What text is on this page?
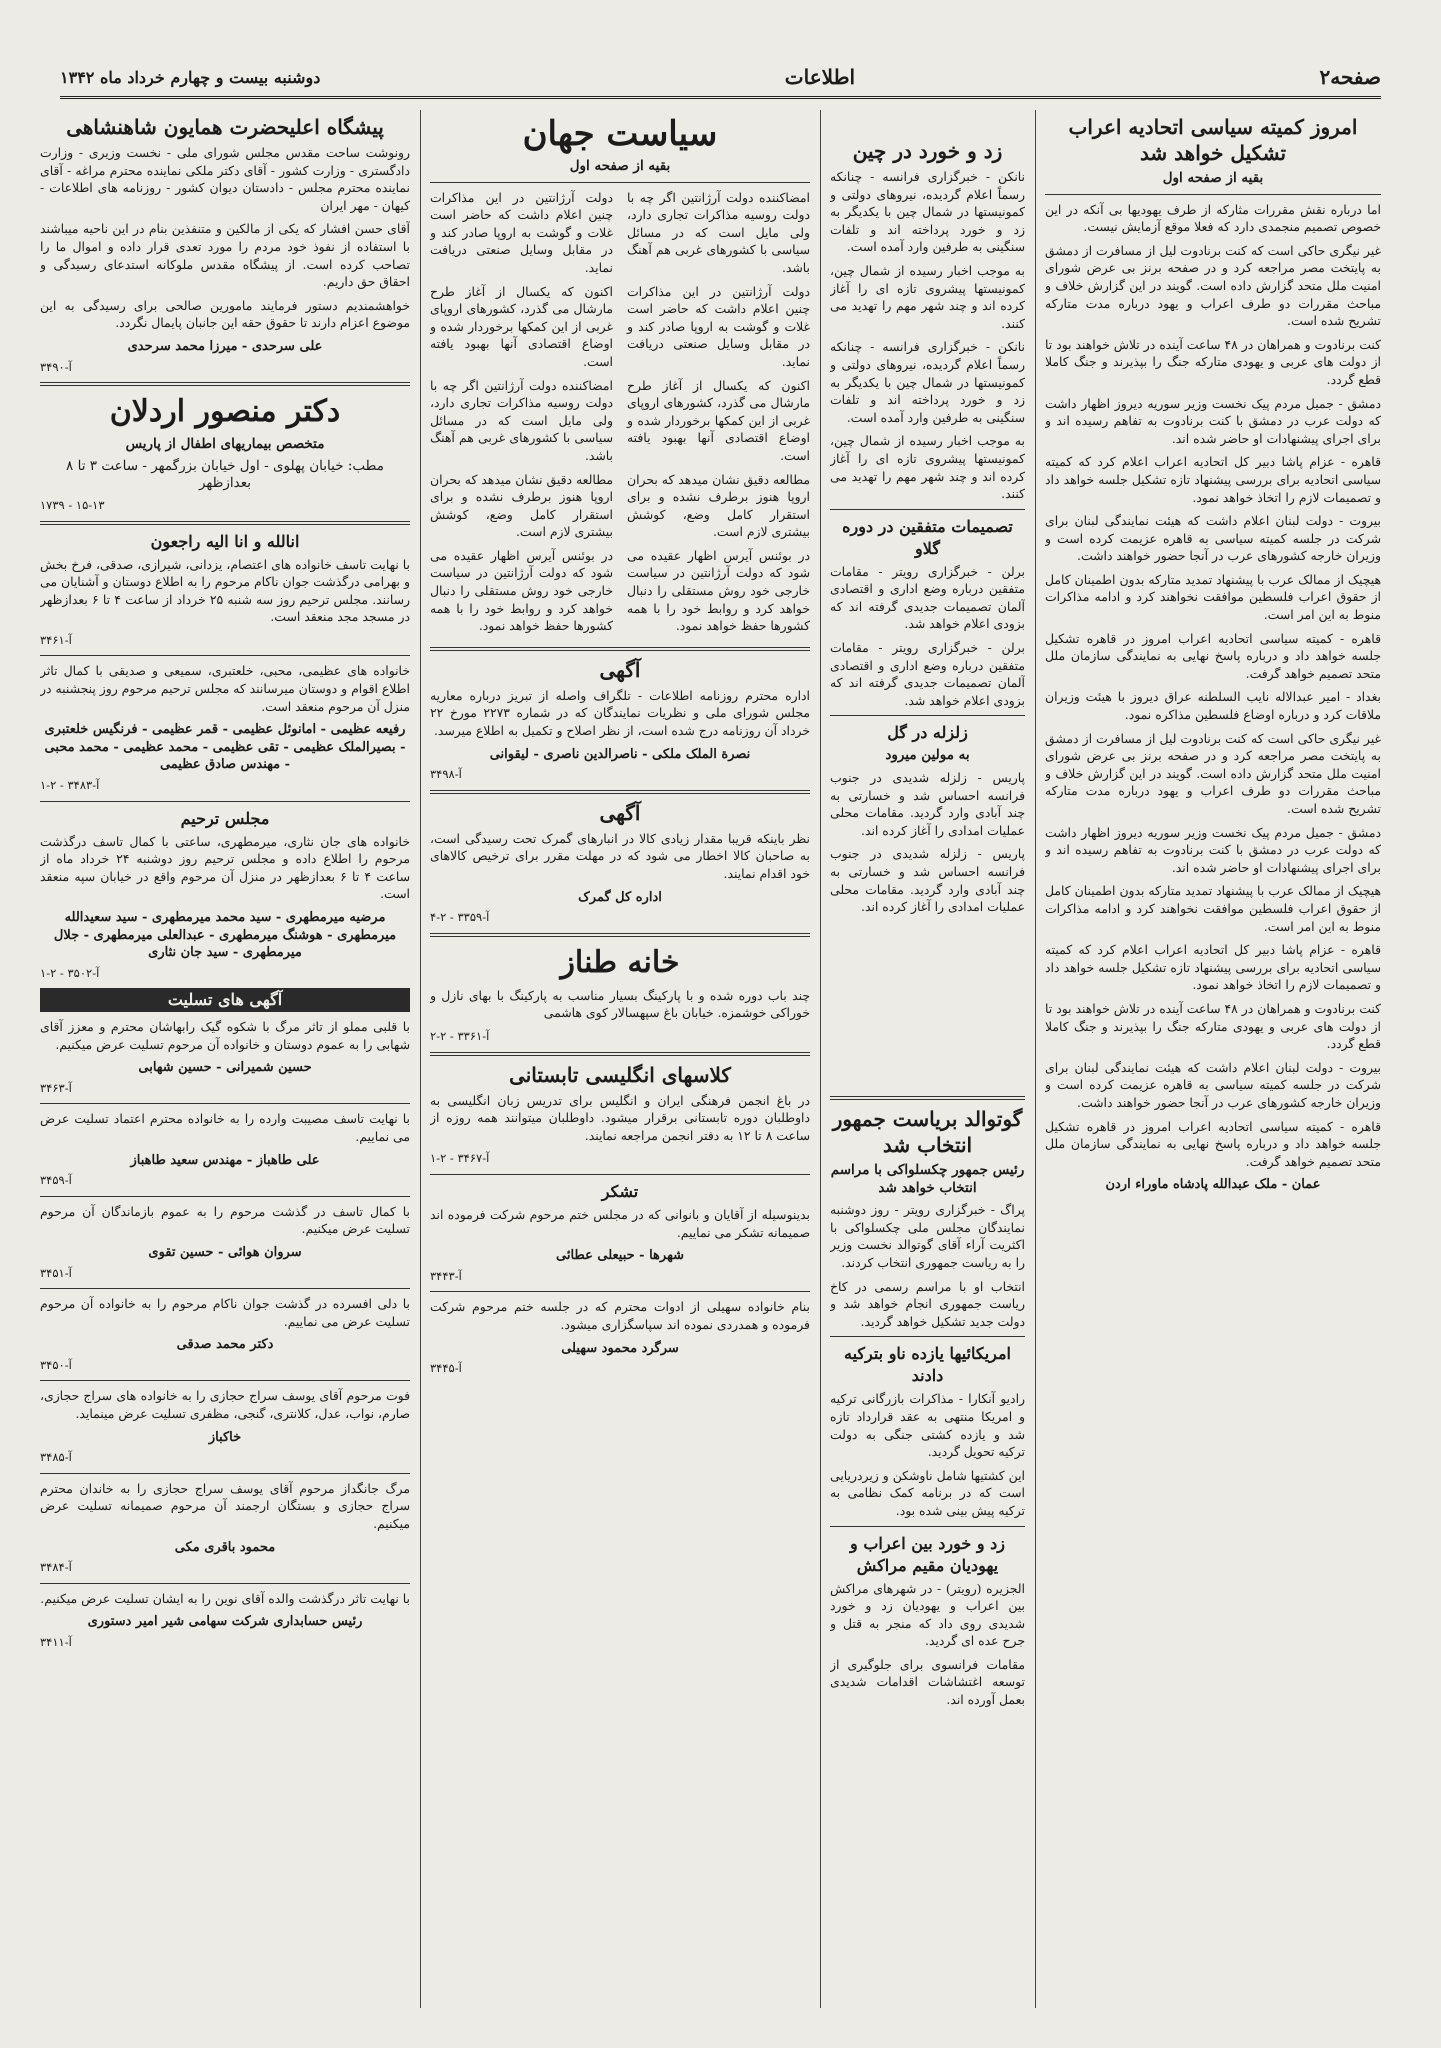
صفحه۲
اطلاعات
دوشنبه بیست و چهارم خرداد ماه ۱۳۴۲
امروز کمیته سیاسی اتحادیه اعراب تشکیل خواهد شد
بقیه از صفحه اول

اما درباره نقش مقررات مثارکه از طرف یهودیها بی آنکه در این خصوص تصمیم منجمدی دارد که فعلا موقع آزمایش نیست.

غیر نیگری حاکی است که کنت برنادوت لیل از مسافرت از دمشق به پایتخت مصر مراجعه کرد و در صفحه برنز بی عرض شورای امنیت ملل متحد گزارش داده است. گویند در این گزارش خلاف و مباحث مقررات دو طرف اعراب و یهود درباره مدت متارکه تشریح شده است.

کنت برنادوت و همراهان در ۴۸ ساعت آینده در تلاش خواهند بود تا از دولت های عربی و یهودی متارکه جنگ را بپذیرند و جنگ کاملا قطع گردد.

دمشق - جمیل مردم پیک نخست وزیر سوریه دیروز اظهار داشت که دولت عرب در دمشق با کنت برنادوت به تفاهم رسیده اند و برای اجرای پیشنهادات او حاضر شده اند.

قاهره - عزام پاشا دبیر کل اتحادیه اعراب اعلام کرد که کمیته سیاسی اتحادیه برای بررسی پیشنهاد تازه تشکیل جلسه خواهد داد و تصمیمات لازم را اتخاذ خواهد نمود.

بیروت - دولت لبنان اعلام داشت که هیئت نمایندگی لبنان برای شرکت در جلسه کمیته سیاسی به قاهره عزیمت کرده است و وزیران خارجه کشورهای عرب در آنجا حضور خواهند داشت.

هیچیک از ممالک عرب با پیشنهاد تمدید متارکه بدون اطمینان کامل از حقوق اعراب فلسطین موافقت نخواهند کرد و ادامه مذاکرات منوط به این امر است.

قاهره - کمیته سیاسی اتحادیه اعراب امروز در قاهره تشکیل جلسه خواهد داد و درباره پاسخ نهایی به نمایندگی سازمان ملل متحد تصمیم خواهد گرفت.

بغداد - امیر عبدالاله نایب السلطنه عراق دیروز با هیئت وزیران ملاقات کرد و درباره اوضاع فلسطین مذاکره نمود.

غیر نیگری حاکی است که کنت برنادوت لیل از مسافرت از دمشق به پایتخت مصر مراجعه کرد و در صفحه برنز بی عرض شورای امنیت ملل متحد گزارش داده است. گویند در این گزارش خلاف و مباحث مقررات دو طرف اعراب و یهود درباره مدت متارکه تشریح شده است.

دمشق - جمیل مردم پیک نخست وزیر سوریه دیروز اظهار داشت که دولت عرب در دمشق با کنت برنادوت به تفاهم رسیده اند و برای اجرای پیشنهادات او حاضر شده اند.

هیچیک از ممالک عرب با پیشنهاد تمدید متارکه بدون اطمینان کامل از حقوق اعراب فلسطین موافقت نخواهند کرد و ادامه مذاکرات منوط به این امر است.

قاهره - عزام پاشا دبیر کل اتحادیه اعراب اعلام کرد که کمیته سیاسی اتحادیه برای بررسی پیشنهاد تازه تشکیل جلسه خواهد داد و تصمیمات لازم را اتخاذ خواهد نمود.

کنت برنادوت و همراهان در ۴۸ ساعت آینده در تلاش خواهند بود تا از دولت های عربی و یهودی متارکه جنگ را بپذیرند و جنگ کاملا قطع گردد.

بیروت - دولت لبنان اعلام داشت که هیئت نمایندگی لبنان برای شرکت در جلسه کمیته سیاسی به قاهره عزیمت کرده است و وزیران خارجه کشورهای عرب در آنجا حضور خواهند داشت.

قاهره - کمیته سیاسی اتحادیه اعراب امروز در قاهره تشکیل جلسه خواهد داد و درباره پاسخ نهایی به نمایندگی سازمان ملل متحد تصمیم خواهد گرفت.

عمان - ملک عبدالله پادشاه ماوراء اردن
زد و خورد در چین

نانکن - خبرگزاری فرانسه - چنانکه رسماً اعلام گردیده، نیروهای دولتی و کمونیستها در شمال چین با یکدیگر به زد و خورد پرداخته اند و تلفات سنگینی به طرفین وارد آمده است.

به موجب اخبار رسیده از شمال چین، کمونیستها پیشروی تازه ای را آغاز کرده اند و چند شهر مهم را تهدید می کنند.

نانکن - خبرگزاری فرانسه - چنانکه رسماً اعلام گردیده، نیروهای دولتی و کمونیستها در شمال چین با یکدیگر به زد و خورد پرداخته اند و تلفات سنگینی به طرفین وارد آمده است.

به موجب اخبار رسیده از شمال چین، کمونیستها پیشروی تازه ای را آغاز کرده اند و چند شهر مهم را تهدید می کنند.

تصمیمات متفقین در دوره گلاو

برلن - خبرگزاری رویتر - مقامات متفقین درباره وضع اداری و اقتصادی آلمان تصمیمات جدیدی گرفته اند که بزودی اعلام خواهد شد.

برلن - خبرگزاری رویتر - مقامات متفقین درباره وضع اداری و اقتصادی آلمان تصمیمات جدیدی گرفته اند که بزودی اعلام خواهد شد.

زلزله در گل
به مولین میرود

پاریس - زلزله شدیدی در جنوب فرانسه احساس شد و خسارتی به چند آبادی وارد گردید. مقامات محلی عملیات امدادی را آغاز کرده اند.

پاریس - زلزله شدیدی در جنوب فرانسه احساس شد و خسارتی به چند آبادی وارد گردید. مقامات محلی عملیات امدادی را آغاز کرده اند.

گوتوالد بریاست جمهور انتخاب شد
رئیس جمهور چکسلواکی با مراسم انتخاب خواهد شد

پراگ - خبرگزاری رویتر - روز دوشنبه نمایندگان مجلس ملی چکسلواکی با اکثریت آراء آقای گوتوالد نخست وزیر را به ریاست جمهوری انتخاب کردند.

انتخاب او با مراسم رسمی در کاخ ریاست جمهوری انجام خواهد شد و دولت جدید تشکیل خواهد گردید.

امریکائیها یازده ناو بترکیه دادند

رادیو آنکارا - مذاکرات بازرگانی ترکیه و امریکا منتهی به عقد قرارداد تازه شد و یازده کشتی جنگی به دولت ترکیه تحویل گردید.

این کشتیها شامل ناوشکن و زیردریایی است که در برنامه کمک نظامی به ترکیه پیش بینی شده بود.

زد و خورد بین اعراب و یهودیان مقیم مراکش

الجزیره (رویتر) - در شهرهای مراکش بین اعراب و یهودیان زد و خورد شدیدی روی داد که منجر به قتل و جرح عده ای گردید.

مقامات فرانسوی برای جلوگیری از توسعه اغتشاشات اقدامات شدیدی بعمل آورده اند.

سیاست جهان
بقیه از صفحه اول

امضاکننده دولت آرژانتین اگر چه با دولت روسیه مذاکرات تجاری دارد، ولی مایل است که در مسائل سیاسی با کشورهای غربی هم آهنگ باشد.

دولت آرژانتین در این مذاکرات چنین اعلام داشت که حاضر است غلات و گوشت به اروپا صادر کند و در مقابل وسایل صنعتی دریافت نماید.

اکنون که یکسال از آغاز طرح مارشال می گذرد، کشورهای اروپای غربی از این کمکها برخوردار شده و اوضاع اقتصادی آنها بهبود یافته است.

مطالعه دقیق نشان میدهد که بحران اروپا هنوز برطرف نشده و برای استقرار کامل وضع، کوشش بیشتری لازم است.

در بوئنس آیرس اظهار عقیده می شود که دولت آرژانتین در سیاست خارجی خود روش مستقلی را دنبال خواهد کرد و روابط خود را با همه کشورها حفظ خواهد نمود.

دولت آرژانتین در این مذاکرات چنین اعلام داشت که حاضر است غلات و گوشت به اروپا صادر کند و در مقابل وسایل صنعتی دریافت نماید.

اکنون که یکسال از آغاز طرح مارشال می گذرد، کشورهای اروپای غربی از این کمکها برخوردار شده و اوضاع اقتصادی آنها بهبود یافته است.

امضاکننده دولت آرژانتین اگر چه با دولت روسیه مذاکرات تجاری دارد، ولی مایل است که در مسائل سیاسی با کشورهای غربی هم آهنگ باشد.

مطالعه دقیق نشان میدهد که بحران اروپا هنوز برطرف نشده و برای استقرار کامل وضع، کوشش بیشتری لازم است.

در بوئنس آیرس اظهار عقیده می شود که دولت آرژانتین در سیاست خارجی خود روش مستقلی را دنبال خواهد کرد و روابط خود را با همه کشورها حفظ خواهد نمود.

آگهی

اداره محترم روزنامه اطلاعات - تلگراف واصله از تبریز درباره معاریه مجلس شورای ملی و نظریات نمایندگان که در شماره ۲۲۷۳ مورخ ۲۲ خرداد آن روزنامه درج شده است، از نظر اصلاح و تکمیل به اطلاع میرسد.

نصرة الملک ملکی - ناصرالدین ناصری - لیقوانی
آ-۳۴۹۸
آگهی

نظر باینکه قریبا مقدار زیادی کالا در انبارهای گمرک تحت رسیدگی است، به صاحبان کالا اخطار می شود که در مهلت مقرر برای ترخیص کالاهای خود اقدام نمایند.

اداره کل گمرک
آ-۳۳۵۹ - ۲-۴
خانه طناز

چند باب دوره شده و با پارکینگ بسیار مناسب به پارکینگ با بهای نازل و خوراکی خوشمزه. خیابان باغ سپهسالار کوی هاشمی

آ-۳۳۶۱ - ۲-۲
کلاسهای انگلیسی تابستانی

در باغ انجمن فرهنگی ایران و انگلیس برای تدریس زبان انگلیسی به داوطلبان دوره تابستانی برقرار میشود. داوطلبان میتوانند همه روزه از ساعت ۸ تا ۱۲ به دفتر انجمن مراجعه نمایند.

آ-۳۴۶۷ - ۲-۱
تشکر

بدینوسیله از آقایان و بانوانی که در مجلس ختم مرحوم شرکت فرموده اند صمیمانه تشکر می نماییم.

شهرها - حبیعلی عطائی
آ-۳۴۴۳

بنام خانواده سهیلی از ادوات محترم که در جلسه ختم مرحوم شرکت فرموده و همدردی نموده اند سپاسگزاری میشود.

سرگرد محمود سهیلی
آ-۳۴۴۵
پیشگاه اعلیحضرت همایون شاهنشاهی

رونوشت ساحت مقدس مجلس شورای ملی - نخست وزیری - وزارت دادگستری - وزارت کشور - آقای دکتر ملکی نماینده محترم مراغه - آقای نماینده محترم مجلس - دادستان دیوان کشور - روزنامه های اطلاعات - کیهان - مهر ایران

آقای حسن افشار که یکی از مالکین و متنفذین بنام در این ناحیه میباشند با استفاده از نفوذ خود مردم را مورد تعدی قرار داده و اموال ما را تصاحب کرده است. از پیشگاه مقدس ملوکانه استدعای رسیدگی و احقاق حق داریم.

خواهشمندیم دستور فرمایند مامورین صالحی برای رسیدگی به این موضوع اعزام دارند تا حقوق حقه این جانبان پایمال نگردد.

علی سرحدی - میرزا محمد سرحدی
آ-۳۴۹۰
دکتر منصور اردلان
متخصص بیماریهای اطفال از پاریس
مطب: خیابان پهلوی - اول خیابان بزرگمهر - ساعت ۳ تا ۸ بعدازظهر
۱۷۳۹ - ۱۵-۱۳
انالله و انا الیه راجعون

با نهایت تاسف خانواده های اعتصام، یزدانی، شیرازی، صدقی، فرخ بخش و بهرامی درگذشت جوان ناکام مرحوم را به اطلاع دوستان و آشنایان می رسانند. مجلس ترحیم روز سه شنبه ۲۵ خرداد از ساعت ۴ تا ۶ بعدازظهر در مسجد مجد منعقد است.

آ-۳۴۶۱

خانواده های عظیمی، محبی، خلعتبری، سمیعی و صدیقی با کمال تاثر اطلاع اقوام و دوستان میرسانند که مجلس ترحیم مرحوم روز پنجشنبه در منزل آن مرحوم منعقد است.

رفیعه عظیمی - امانوئل عظیمی - قمر عظیمی - فرنگیس خلعتبری - بصیرالملک عظیمی - تقی عظیمی - محمد عظیمی - محمد محبی - مهندس صادق عظیمی
آ-۳۴۸۳ - ۲-۱
مجلس ترحیم

خانواده های جان نثاری، میرمطهری، ساعتی با کمال تاسف درگذشت مرحوم را اطلاع داده و مجلس ترحیم روز دوشنبه ۲۴ خرداد ماه از ساعت ۴ تا ۶ بعدازظهر در منزل آن مرحوم واقع در خیابان سپه منعقد است.

مرضیه میرمطهری - سید محمد میرمطهری - سید سعیدالله میرمطهری - هوشنگ میرمطهری - عبدالعلی میرمطهری - جلال میرمطهری - سید جان نثاری
آ-۳۵۰۲ - ۲-۱
آگهی های تسلیت

با قلبی مملو از تاثر مرگ با شکوه گیک رابهاشان محترم و معزز آقای شهابی را به عموم دوستان و خانواده آن مرحوم تسلیت عرض میکنیم.

حسین شمیرانی - حسین شهابی
آ-۳۴۶۳

با نهایت تاسف مصیبت وارده را به خانواده محترم اعتماد تسلیت عرض می نماییم.

علی طاهباز - مهندس سعید طاهباز
آ-۳۴۵۹

با کمال تاسف در گذشت مرحوم را به عموم بازماندگان آن مرحوم تسلیت عرض میکنیم.

سروان هوائی - حسین تقوی
آ-۳۴۵۱

با دلی افسرده در گذشت جوان ناکام مرحوم را به خانواده آن مرحوم تسلیت عرض می نماییم.

دکتر محمد صدقی
آ-۳۴۵۰

فوت مرحوم آقای یوسف سراج حجازی را به خانواده های سراج حجازی، صارم، نواب، عدل، کلانتری، گنجی، مظفری تسلیت عرض مینماید.

خاکباز
آ-۳۴۸۵

مرگ جانگداز مرحوم آقای یوسف سراج حجازی را به خاندان محترم سراج حجازی و بستگان ارجمند آن مرحوم صمیمانه تسلیت عرض میکنیم.

محمود باقری مکی
آ-۳۴۸۴

با نهایت تاثر درگذشت والده آقای نوین را به ایشان تسلیت عرض میکنیم.

رئیس حسابداری شرکت سهامی شیر امیر دستوری
آ-۳۴۱۱
